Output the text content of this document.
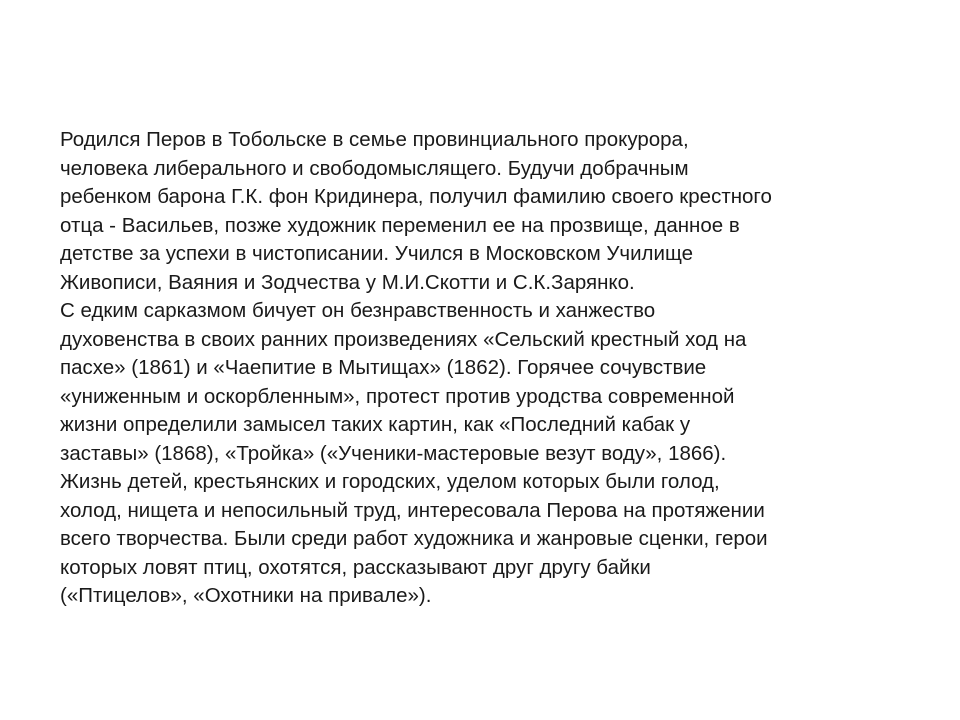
Родился Перов в Тобольске в семье провинциального прокурора,
человека либерального и свободомыслящего. Будучи добрачным
ребенком барона Г.К. фон Кридинера, получил фамилию своего крестного
отца - Васильев, позже художник переменил ее на прозвище, данное в
детстве за успехи в чистописании. Учился в Московском Училище
Живописи, Ваяния и Зодчества у М.И.Скотти и С.К.Зарянко.
С едким сарказмом бичует он безнравственность и ханжество
духовенства в своих ранних произведениях «Сельский крестный ход на
пасхе» (1861) и «Чаепитие в Мытищах» (1862). Горячее сочувствие
«униженным и оскорбленным», протест против уродства современной
жизни определили замысел таких картин, как «Последний кабак у
заставы» (1868), «Тройка» («Ученики-мастеровые везут воду», 1866).
Жизнь детей, крестьянских и городских, уделом которых были голод,
холод, нищета и непосильный труд, интересовала Перова на протяжении
всего творчества. Были среди работ художника и жанровые сценки, герои
которых ловят птиц, охотятся, рассказывают друг другу байки
(«Птицелов», «Охотники на привале»).
